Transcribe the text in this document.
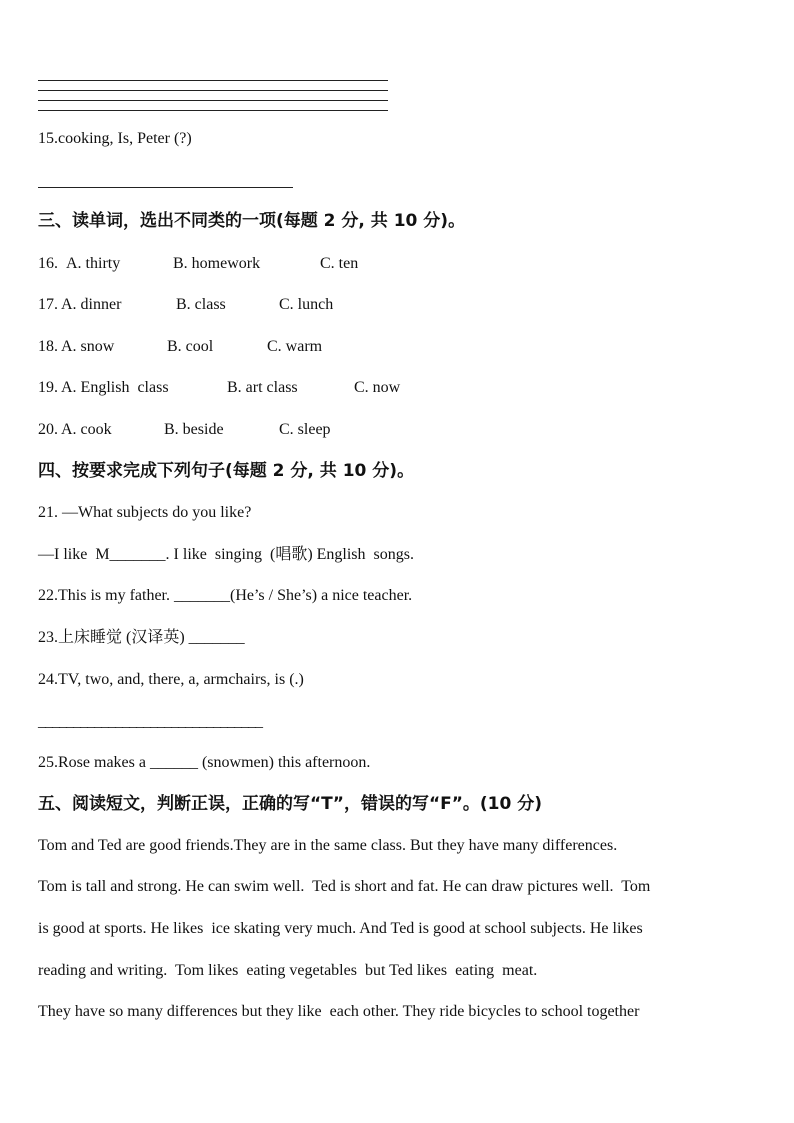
15.cooking, Is, Peter (?)
三、读单词，选出不同类的一项(每题 2 分, 共 10 分)。
16. A. thirty	B. homework	C. ten
17. A. dinner	B. class	C. lunch
18. A. snow	B. cool	C. warm
19. A. English  class	B. art class	C. now
20. A. cook	B. beside	C. sleep
四、按要求完成下列句子(每题 2 分, 共 10 分)。
21. —What subjects do you like?
—I like  M_______. I like  singing  (唱歌) English  songs.
22.This is my father. _______(He’s / She’s) a nice teacher.
23.上床睡觉 (汉译英) _______
24.TV, two, and, there, a, armchairs, is (.)
________________________________
25.Rose makes a ______ (snowmen) this afternoon.
五、阅读短文，判断正误，正确的写“T”，错误的写“F”。(10 分)
Tom and Ted are good friends.They are in the same class. But they have many differences.
Tom is tall and strong. He can swim well.  Ted is short and fat. He can draw pictures well.  Tom
is good at sports. He likes  ice skating very much. And Ted is good at school subjects. He likes
reading and writing.  Tom likes  eating vegetables  but Ted likes  eating  meat.
They have so many differences but they like  each other. They ride bicycles to school together
